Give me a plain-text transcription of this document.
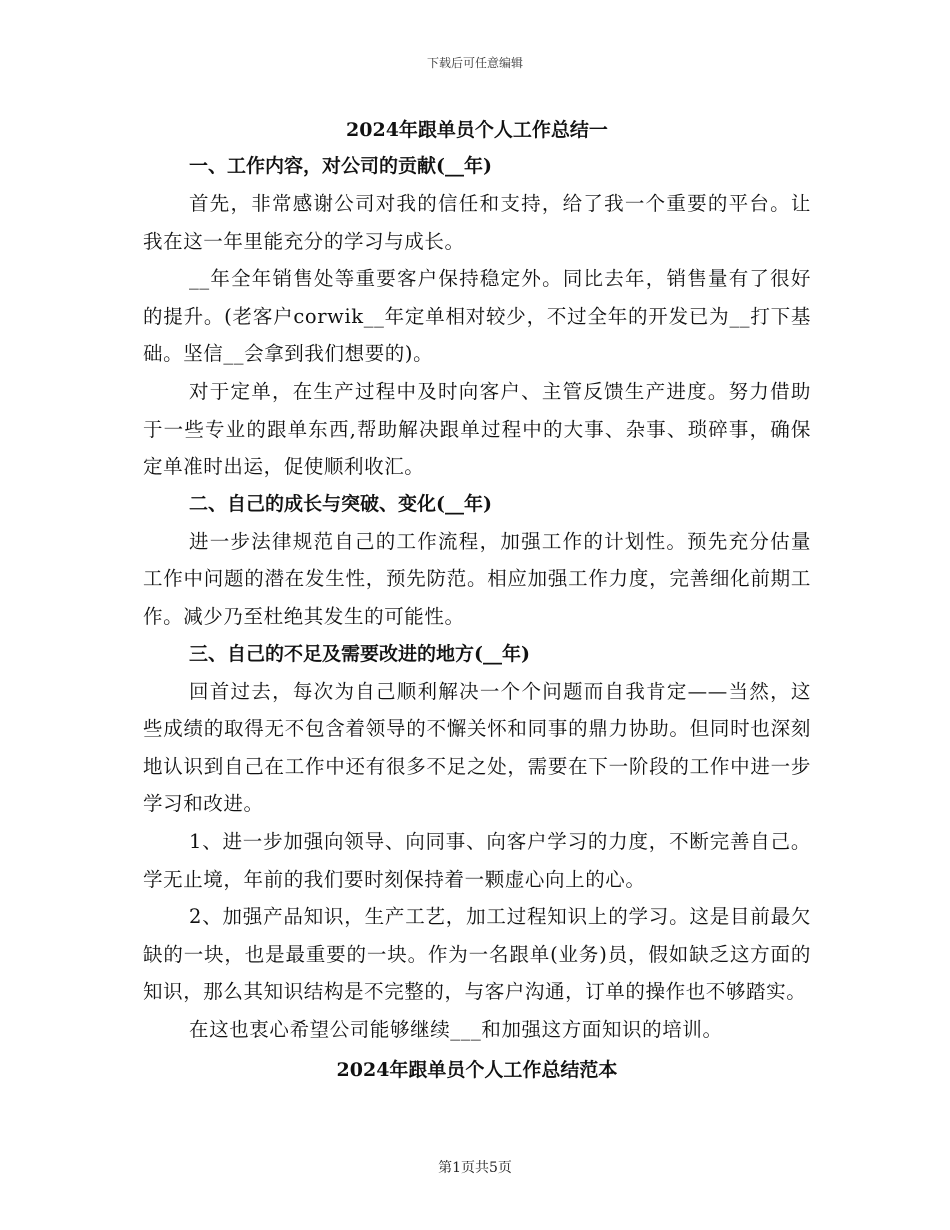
下载后可任意编辑
2024年跟单员个人工作总结一
一、工作内容，对公司的贡献(__年)
首先，非常感谢公司对我的信任和支持，给了我一个重要的平台。让我在这一年里能充分的学习与成长。
__年全年销售处等重要客户保持稳定外。同比去年，销售量有了很好的提升。(老客户corwik__年定单相对较少，不过全年的开发已为__打下基础。坚信__会拿到我们想要的)。
对于定单，在生产过程中及时向客户、主管反馈生产进度。努力借助于一些专业的跟单东西,帮助解决跟单过程中的大事、杂事、琐碎事，确保定单准时出运，促使顺利收汇。
二、自己的成长与突破、变化(__年)
进一步法律规范自己的工作流程，加强工作的计划性。预先充分估量工作中问题的潜在发生性，预先防范。相应加强工作力度，完善细化前期工作。减少乃至杜绝其发生的可能性。
三、自己的不足及需要改进的地方(__年)
回首过去，每次为自己顺利解决一个个问题而自我肯定——当然，这些成绩的取得无不包含着领导的不懈关怀和同事的鼎力协助。但同时也深刻地认识到自己在工作中还有很多不足之处，需要在下一阶段的工作中进一步学习和改进。
1、进一步加强向领导、向同事、向客户学习的力度，不断完善自己。学无止境，年前的我们要时刻保持着一颗虚心向上的心。
2、加强产品知识，生产工艺，加工过程知识上的学习。这是目前最欠缺的一块，也是最重要的一块。作为一名跟单(业务)员，假如缺乏这方面的知识，那么其知识结构是不完整的，与客户沟通，订单的操作也不够踏实。
在这也衷心希望公司能够继续___和加强这方面知识的培训。
2024年跟单员个人工作总结范本
第1页共5页
